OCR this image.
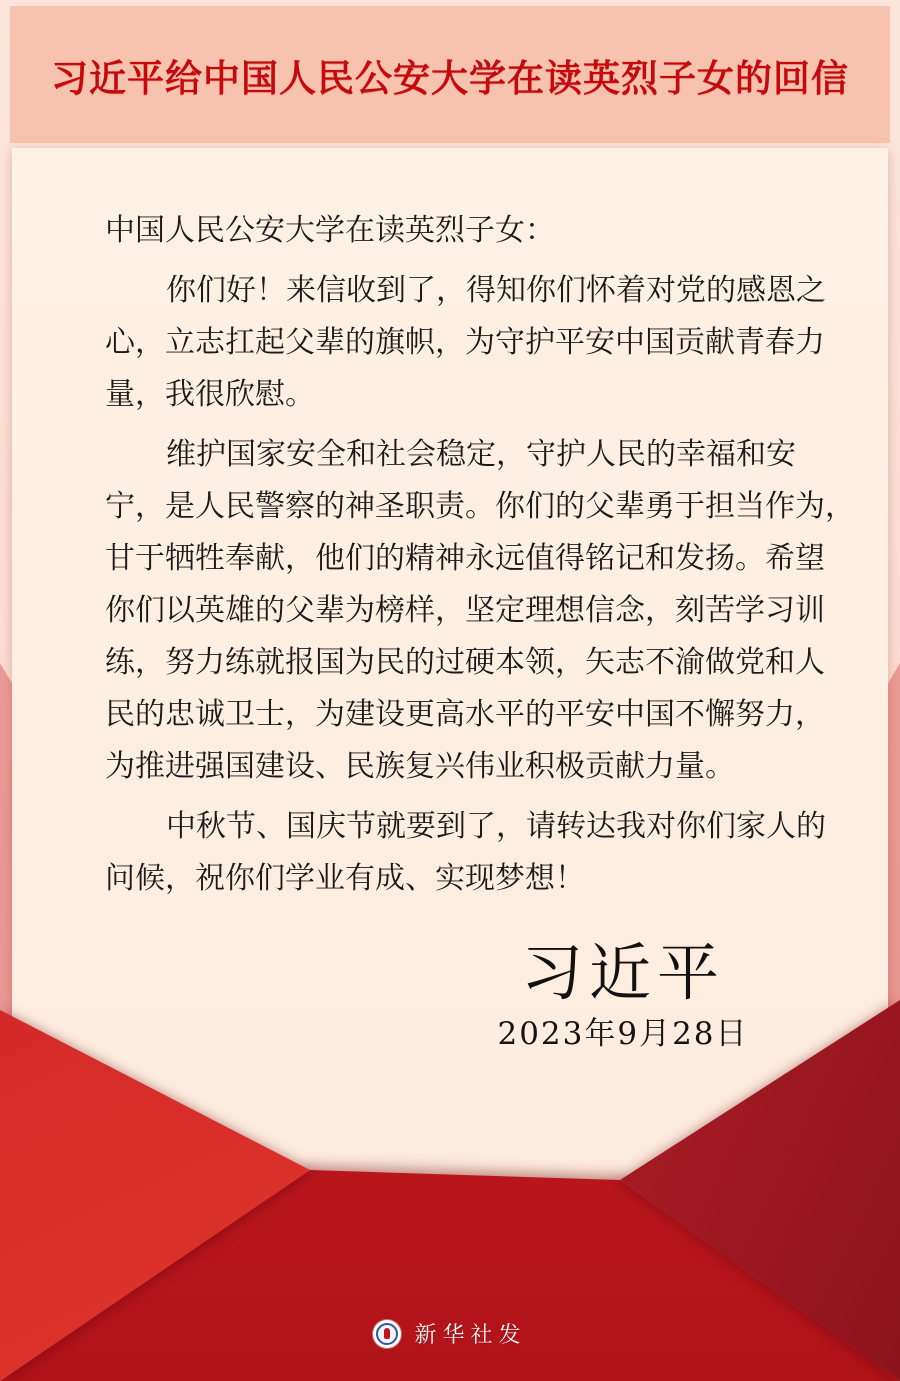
习近平给中国人民公安大学在读英烈子女的回信
中国人民公安大学在读英烈子女：
你们好！来信收到了，得知你们怀着对党的感恩之
心，立志扛起父辈的旗帜，为守护平安中国贡献青春力
量，我很欣慰。
维护国家安全和社会稳定，守护人民的幸福和安
宁，是人民警察的神圣职责。你们的父辈勇于担当作为，
甘于牺牲奉献，他们的精神永远值得铭记和发扬。希望
你们以英雄的父辈为榜样，坚定理想信念，刻苦学习训
练，努力练就报国为民的过硬本领，矢志不渝做党和人
民的忠诚卫士，为建设更高水平的平安中国不懈努力，
为推进强国建设、民族复兴伟业积极贡献力量。
中秋节、国庆节就要到了，请转达我对你们家人的
问候，祝你们学业有成、实现梦想！
习近平
2023年9月28日
新华社发
